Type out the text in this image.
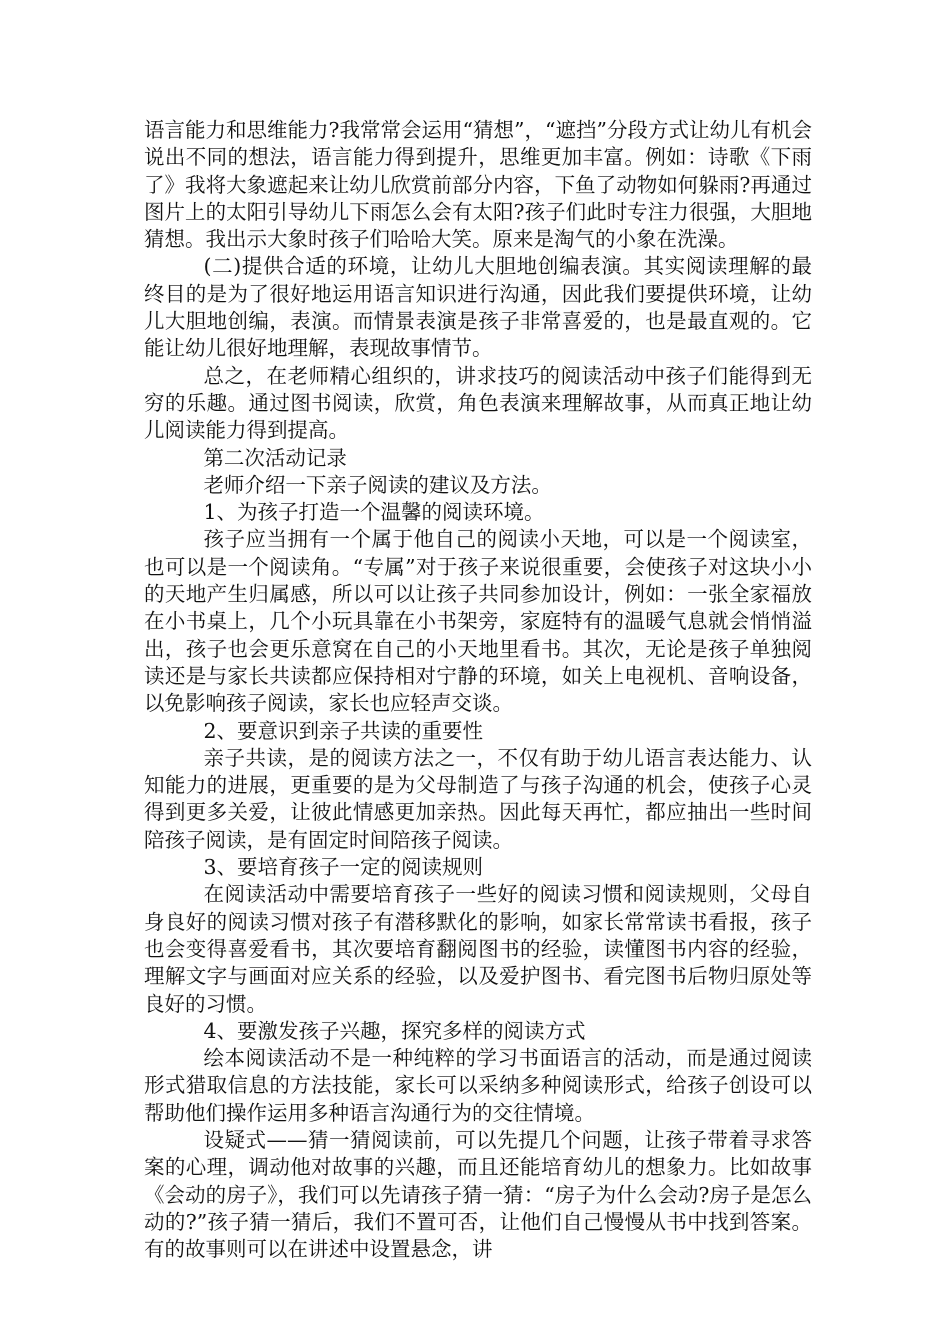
语言能力和思维能力?我常常会运用“猜想”，“遮挡”分段方式让幼儿有机会说出不同的想法，语言能力得到提升，思维更加丰富。例如：诗歌《下雨了》我将大象遮起来让幼儿欣赏前部分内容，下鱼了动物如何躲雨?再通过图片上的太阳引导幼儿下雨怎么会有太阳?孩子们此时专注力很强，大胆地猜想。我出示大象时孩子们哈哈大笑。原来是淘气的小象在洗澡。

(二)提供合适的环境，让幼儿大胆地创编表演。其实阅读理解的最终目的是为了很好地运用语言知识进行沟通，因此我们要提供环境，让幼儿大胆地创编，表演。而情景表演是孩子非常喜爱的，也是最直观的。它能让幼儿很好地理解，表现故事情节。

总之，在老师精心组织的，讲求技巧的阅读活动中孩子们能得到无穷的乐趣。通过图书阅读，欣赏，角色表演来理解故事，从而真正地让幼儿阅读能力得到提高。

第二次活动记录

老师介绍一下亲子阅读的建议及方法。

1、为孩子打造一个温馨的阅读环境。

孩子应当拥有一个属于他自己的阅读小天地，可以是一个阅读室，也可以是一个阅读角。“专属”对于孩子来说很重要，会使孩子对这块小小的天地产生归属感，所以可以让孩子共同参加设计，例如：一张全家福放在小书桌上，几个小玩具靠在小书架旁，家庭特有的温暖气息就会悄悄溢出，孩子也会更乐意窝在自己的小天地里看书。其次，无论是孩子单独阅读还是与家长共读都应保持相对宁静的环境，如关上电视机、音响设备，以免影响孩子阅读，家长也应轻声交谈。

2、要意识到亲子共读的重要性

亲子共读，是的阅读方法之一，不仅有助于幼儿语言表达能力、认知能力的进展，更重要的是为父母制造了与孩子沟通的机会，使孩子心灵得到更多关爱，让彼此情感更加亲热。因此每天再忙，都应抽出一些时间陪孩子阅读，是有固定时间陪孩子阅读。

3、要培育孩子一定的阅读规则

在阅读活动中需要培育孩子一些好的阅读习惯和阅读规则，父母自身良好的阅读习惯对孩子有潜移默化的影响，如家长常常读书看报，孩子也会变得喜爱看书，其次要培育翻阅图书的经验，读懂图书内容的经验，理解文字与画面对应关系的经验，以及爱护图书、看完图书后物归原处等良好的习惯。

4、要激发孩子兴趣，探究多样的阅读方式

绘本阅读活动不是一种纯粹的学习书面语言的活动，而是通过阅读形式猎取信息的方法技能，家长可以采纳多种阅读形式，给孩子创设可以帮助他们操作运用多种语言沟通行为的交往情境。

设疑式——猜一猜阅读前，可以先提几个问题，让孩子带着寻求答案的心理，调动他对故事的兴趣，而且还能培育幼儿的想象力。比如故事《会动的房子》，我们可以先请孩子猜一猜：“房子为什么会动?房子是怎么动的?”孩子猜一猜后，我们不置可否，让他们自己慢慢从书中找到答案。有的故事则可以在讲述中设置悬念，讲
